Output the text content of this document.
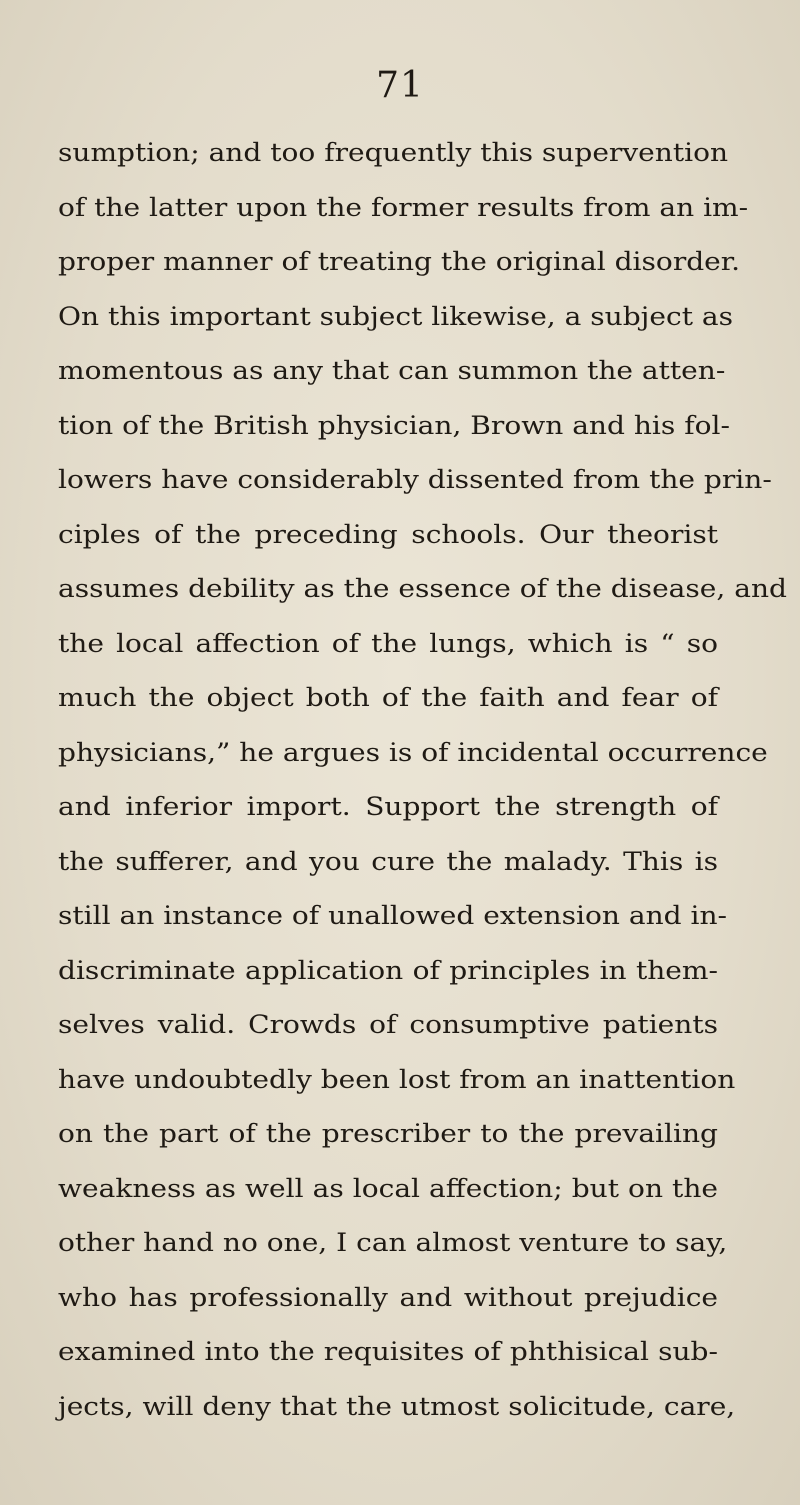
71
sumption; and too frequently this supervention
of the latter upon the former results from an im-
proper manner of treating the original disorder.
On this important subject likewise, a subject as
momentous as any that can summon the atten-
tion of the British physician, Brown and his fol-
lowers have considerably dissented from the prin-
ciples of the preceding schools. Our theorist
assumes debility as the essence of the disease, and
the local affection of the lungs, which is “ so
much the object both of the faith and fear of
physicians,” he argues is of incidental occurrence
and inferior import. Support the strength of
the sufferer, and you cure the malady. This is
still an instance of unallowed extension and in-
discriminate application of principles in them-
selves valid. Crowds of consumptive patients
have undoubtedly been lost from an inattention
on the part of the prescriber to the prevailing
weakness as well as local affection; but on the
other hand no one, I can almost venture to say,
who has professionally and without prejudice
examined into the requisites of phthisical sub-
jects, will deny that the utmost solicitude, care,
